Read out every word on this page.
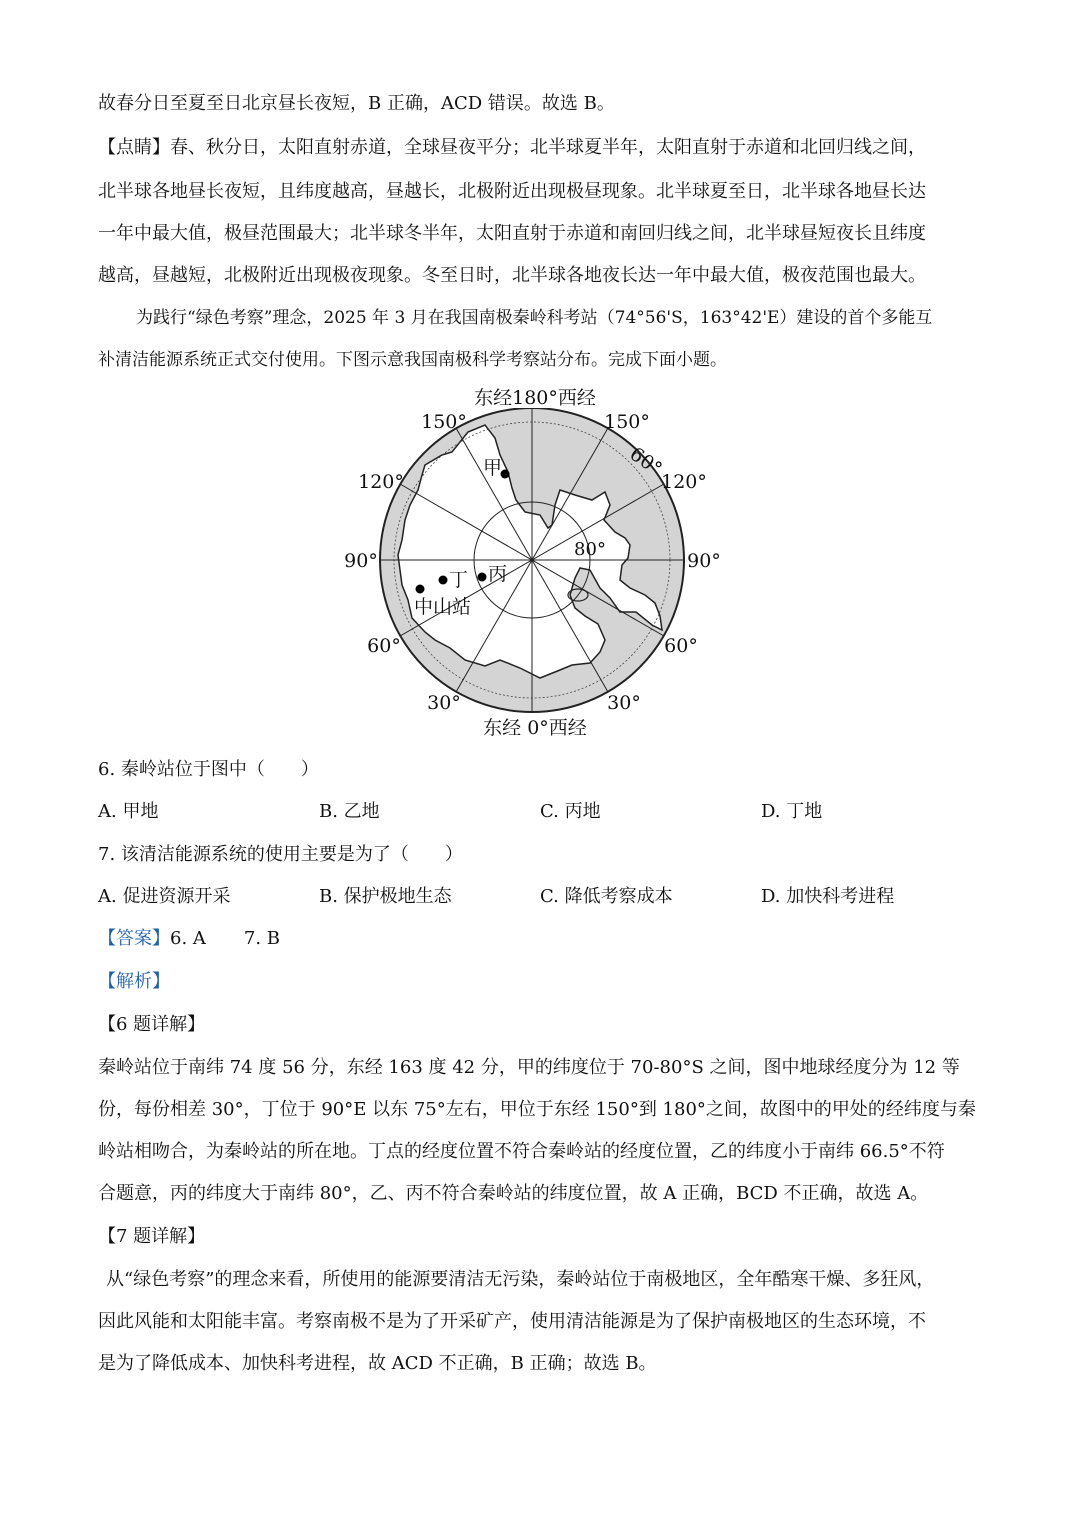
故春分日至夏至日北京昼长夜短，B 正确，ACD 错误。故选 B。
【点睛】春、秋分日，太阳直射赤道，全球昼夜平分；北半球夏半年，太阳直射于赤道和北回归线之间，
北半球各地昼长夜短，且纬度越高，昼越长，北极附近出现极昼现象。北半球夏至日，北半球各地昼长达
一年中最大值，极昼范围最大；北半球冬半年，太阳直射于赤道和南回归线之间，北半球昼短夜长且纬度
越高，昼越短，北极附近出现极夜现象。冬至日时，北半球各地夜长达一年中最大值，极夜范围也最大。
为践行“绿色考察”理念，2025 年 3 月在我国南极秦岭科考站（74°56'S，163°42'E）建设的首个多能互
补清洁能源系统正式交付使用。下图示意我国南极科学考察站分布。完成下面小题。
东经180°西经
东经 0°西经
150°	150°
60°
120°	120°
90°	90°
80°
60°	60°
30°	30°
甲
丁 丙
中山站
6. 秦岭站位于图中（　　）
A. 甲地	B. 乙地	C. 丙地	D. 丁地
7. 该清洁能源系统的使用主要是为了（　　）
A. 促进资源开采	B. 保护极地生态	C. 降低考察成本	D. 加快科考进程
【答案】6. A 7. B
【解析】
【6 题详解】
秦岭站位于南纬 74 度 56 分，东经 163 度 42 分，甲的纬度位于 70-80°S 之间，图中地球经度分为 12 等
份，每份相差 30°，丁位于 90°E 以东 75°左右，甲位于东经 150°到 180°之间，故图中的甲处的经纬度与秦
岭站相吻合，为秦岭站的所在地。丁点的经度位置不符合秦岭站的经度位置，乙的纬度小于南纬 66.5°不符
合题意，丙的纬度大于南纬 80°，乙、丙不符合秦岭站的纬度位置，故 A 正确，BCD 不正确，故选 A。
【7 题详解】
从“绿色考察”的理念来看，所使用的能源要清洁无污染，秦岭站位于南极地区，全年酷寒干燥、多狂风，
因此风能和太阳能丰富。考察南极不是为了开采矿产，使用清洁能源是为了保护南极地区的生态环境，不
是为了降低成本、加快科考进程，故 ACD 不正确，B 正确；故选 B。
